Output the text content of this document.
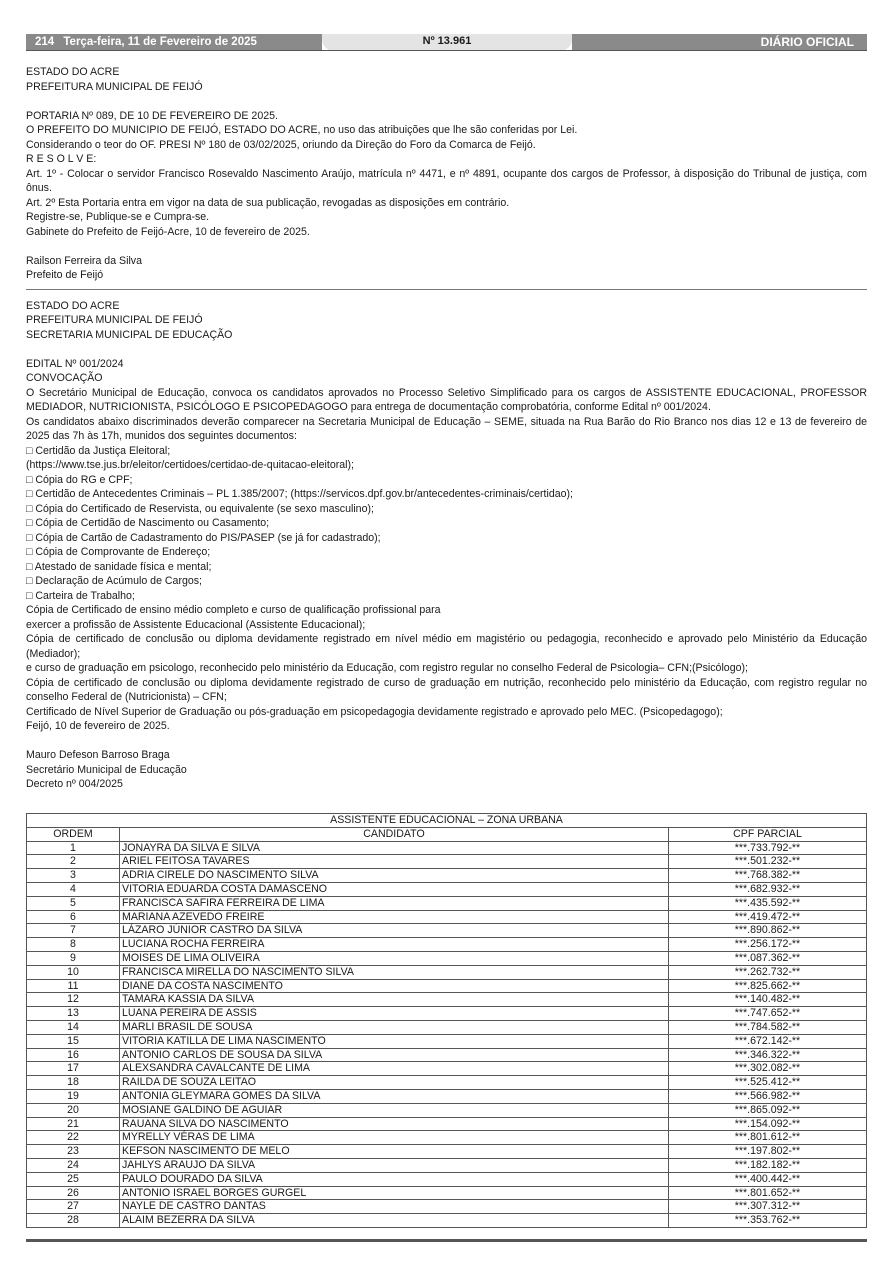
214 Terça-feira, 11 de Fevereiro de 2025	Nº 13.961	DIÁRIO OFICIAL

ESTADO DO ACRE

PREFEITURA MUNICIPAL DE FEIJÓ

PORTARIA Nº 089, DE 10 DE FEVEREIRO DE 2025.

O PREFEITO DO MUNICIPIO DE FEIJÓ, ESTADO DO ACRE, no uso das atribuições que lhe são conferidas por Lei.

Considerando o teor do OF. PRESI Nº 180 de 03/02/2025, oriundo da Direção do Foro da Comarca de Feijó.

R E S O L V E:

Art. 1º - Colocar o servidor Francisco Rosevaldo Nascimento Araújo, matrícula nº 4471, e nº 4891, ocupante dos cargos de Professor, à disposição do Tribunal de justiça, com ônus.

Art. 2º Esta Portaria entra em vigor na data de sua publicação, revogadas as disposições em contrário.

Registre-se, Publique-se e Cumpra-se.

Gabinete do Prefeito de Feijó-Acre, 10 de fevereiro de 2025.

Railson Ferreira da Silva

Prefeito de Feijó

ESTADO DO ACRE

PREFEITURA MUNICIPAL DE FEIJÓ

SECRETARIA MUNICIPAL DE EDUCAÇÃO

EDITAL Nº 001/2024

CONVOCAÇÃO

O Secretário Municipal de Educação, convoca os candidatos aprovados no Processo Seletivo Simplificado para os cargos de ASSISTENTE EDUCACIONAL, PROFESSOR MEDIADOR, NUTRICIONISTA, PSICÓLOGO E PSICOPEDAGOGO para entrega de documentação comprobatória, conforme Edital nº 001/2024.

Os candidatos abaixo discriminados deverão comparecer na Secretaria Municipal de Educação – SEME, situada na Rua Barão do Rio Branco nos dias 12 e 13 de fevereiro de 2025 das 7h às 17h, munidos dos seguintes documentos:

□ Certidão da Justiça Eleitoral;

(https://www.tse.jus.br/eleitor/certidoes/certidao-de-quitacao-eleitoral);

□ Cópia do RG e CPF;

□ Certidão de Antecedentes Criminais – PL 1.385/2007; (https://servicos.dpf.gov.br/antecedentes-criminais/certidao);

□ Cópia do Certificado de Reservista, ou equivalente (se sexo masculino);

□ Cópia de Certidão de Nascimento ou Casamento;

□ Cópia de Cartão de Cadastramento do PIS/PASEP (se já for cadastrado);

□ Cópia de Comprovante de Endereço;

□ Atestado de sanidade física e mental;

□ Declaração de Acúmulo de Cargos;

□ Carteira de Trabalho;

Cópia de Certificado de ensino médio completo e curso de qualificação profissional para

exercer a profissão de Assistente Educacional (Assistente Educacional);

Cópia de certificado de conclusão ou diploma devidamente registrado em nível médio em magistério ou pedagogia, reconhecido e aprovado pelo Ministério da Educação (Mediador);

e curso de graduação em psicologo, reconhecido pelo ministério da Educação, com registro regular no conselho Federal de Psicologia– CFN;(Psicólogo);

Cópia de certificado de conclusão ou diploma devidamente registrado de curso de graduação em nutrição, reconhecido pelo ministério da Educação, com registro regular no conselho Federal de (Nutricionista) – CFN;

Certificado de Nível Superior de Graduação ou pós-graduação em psicopedagogia devidamente registrado e aprovado pelo MEC. (Psicopedagogo);

Feijó, 10 de fevereiro de 2025.

Mauro Defeson Barroso Braga

Secretário Municipal de Educação

Decreto nº 004/2025

ASSISTENTE EDUCACIONAL – ZONA URBANA		
ORDEM	CANDIDATO	CPF PARCIAL
1	JONAYRA DA SILVA E SILVA	***.733.792-**
2	ARIEL FEITOSA TAVARES	***.501.232-**
3	ADRIA CIRELE DO NASCIMENTO SILVA	***.768.382-**
4	VITORIA EDUARDA COSTA DAMASCENO	***.682.932-**
5	FRANCISCA SAFIRA FERREIRA DE LIMA	***.435.592-**
6	MARIANA AZEVEDO FREIRE	***.419.472-**
7	LÁZARO JÚNIOR CASTRO DA SILVA	***.890.862-**
8	LUCIANA ROCHA FERREIRA	***.256.172-**
9	MOISES DE LIMA OLIVEIRA	***.087.362-**
10	FRANCISCA MIRELLA DO NASCIMENTO SILVA	***.262.732-**
11	DIANE DA COSTA NASCIMENTO	***.825.662-**
12	TAMARA KASSIA DA SILVA	***.140.482-**
13	LUANA PEREIRA DE ASSIS	***.747.652-**
14	MARLI BRASIL DE SOUSA	***.784.582-**
15	VITORIA KATILLA DE LIMA NASCIMENTO	***.672.142-**
16	ANTONIO CARLOS DE SOUSA DA SILVA	***.346.322-**
17	ALEXSANDRA CAVALCANTE DE LIMA	***.302.082-**
18	RAILDA DE SOUZA LEITAO	***.525.412-**
19	ANTONIA GLEYMARA GOMES DA SILVA	***.566.982-**
20	MOSIANE GALDINO DE AGUIAR	***.865.092-**
21	RAUANA SILVA DO NASCIMENTO	***.154.092-**
22	MYRELLY VÉRAS DE LIMA	***.801.612-**
23	KEFSON NASCIMENTO DE MELO	***.197.802-**
24	JAHLYS ARAUJO DA SILVA	***.182.182-**
25	PAULO DOURADO DA SILVA	***.400.442-**
26	ANTONIO ISRAEL BORGES GURGEL	***.801.652-**
27	NAYLE DE CASTRO DANTAS	***.307.312-**
28	ALAIM BEZERRA DA SILVA	***.353.762-**
